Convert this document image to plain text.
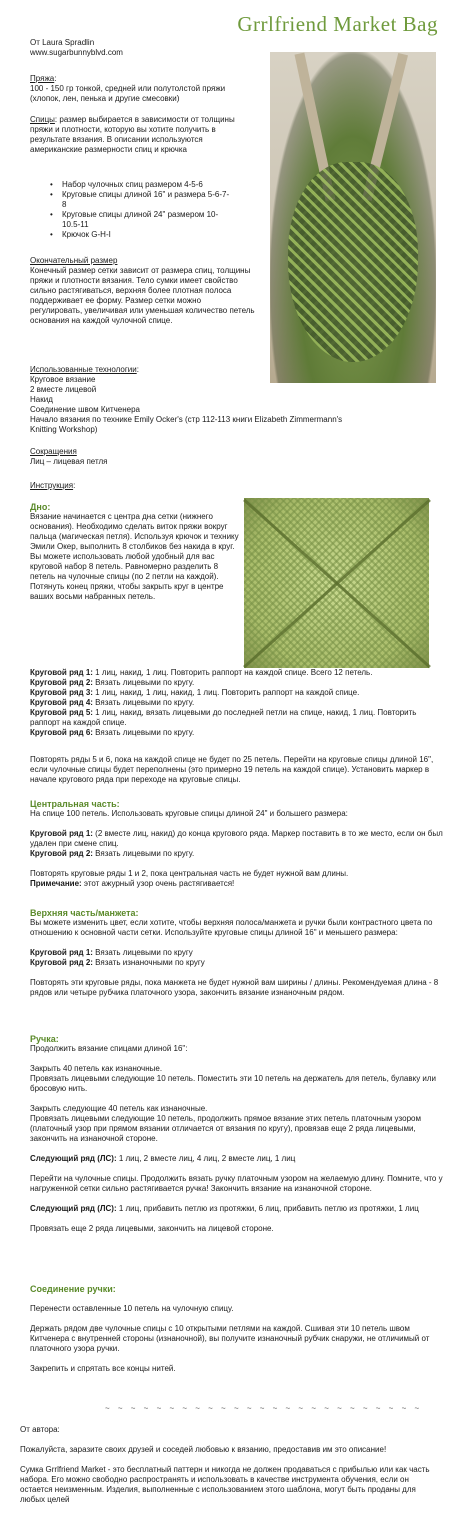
Grrlfriend Market Bag

От Laura Spradlin

www.sugarbunnyblvd.com

Пряжа:

100 - 150 гр тонкой, средней или полутолстой пряжи (хлопок, лен, пенька и другие смесовки)

Спицы: размер выбирается в зависимости от толщины пряжи и плотности, которую вы хотите получить в результате вязания. В описании используются американские размерности спиц и крючка

• Набор чулочных спиц размером 4-5-6
• Круговые спицы длиной 16" и размера 5-6-7-8
• Круговые спицы длиной 24" размером 10-10.5-11
• Крючок G-H-I

Окончательный размер

Конечный размер сетки зависит от размера спиц, толщины пряжи и плотности вязания. Тело сумки имеет свойство сильно растягиваться, верхняя более плотная полоса поддерживает ее форму. Размер сетки можно регулировать, увеличивая или уменьшая количество петель основания на каждой чулочной спице.

Использованные технологии:

Круговое вязание

2 вместе лицевой

Накид

Соединение швом Китченера

Начало вязания по технике Emily Ocker's (стр 112-113 книги Elizabeth Zimmermann's Knitting Workshop)

Сокращения

Лиц – лицевая петля

Инструкция:

Дно:

Вязание начинается с центра дна сетки (нижнего основания). Необходимо сделать виток пряжи вокруг пальца (магическая петля). Используя крючок и технику Эмили Окер, выполнить 8 столбиков без накида в круг.

Вы можете использовать любой удобный для вас круговой набор 8 петель. Равномерно разделить 8 петель на чулочные спицы (по 2 петли на каждой). Потянуть конец пряжи, чтобы закрыть круг в центре ваших восьми набранных петель.

Круговой ряд 1: 1 лиц, накид, 1 лиц. Повторить раппорт на каждой спице. Всего 12 петель.

Круговой ряд 2: Вязать лицевыми по кругу.

Круговой ряд 3: 1 лиц, накид, 1 лиц, накид, 1 лиц. Повторить раппорт на каждой спице.

Круговой ряд 4: Вязать лицевыми по кругу.

Круговой ряд 5: 1 лиц, накид, вязать лицевыми до последней петли на спице, накид, 1 лиц. Повторить раппорт на каждой спице.

Круговой ряд 6: Вязать лицевыми по кругу.

Повторять ряды 5 и 6, пока на каждой спице не будет по 25 петель. Перейти на круговые спицы длиной 16", если чулочные спицы будет переполнены (это примерно 19 петель на каждой спице). Установить маркер в начале кругового ряда при переходе на круговые спицы.

Центральная часть:

На спице 100 петель. Использовать круговые спицы длиной 24" и большего размера:

Круговой ряд 1: (2 вместе лиц, накид) до конца кругового ряда. Маркер поставить в то же место, если он был удален при смене спиц.

Круговой ряд 2: Вязать лицевыми по кругу.

Повторять круговые ряды 1 и 2, пока центральная часть не будет нужной вам длины.

Примечание: этот ажурный узор очень растягивается!

Верхняя часть/манжета:

Вы можете изменить цвет, если хотите, чтобы верхняя полоса/манжета и ручки были контрастного цвета по отношению к основной части сетки. Используйте круговые спицы длиной 16" и меньшего размера:

Круговой ряд 1: Вязать лицевыми по кругу

Круговой ряд 2: Вязать изнаночными по кругу

Повторять эти круговые ряды, пока манжета не будет нужной вам ширины / длины. Рекомендуемая длина - 8 рядов или четыре рубчика платочного узора, закончить вязание изнаночным рядом.

Ручка:

Продолжить вязание спицами длиной 16":

Закрыть 40 петель как изнаночные.

Провязать лицевыми следующие 10 петель. Поместить эти 10 петель на держатель для петель, булавку или бросовую нить.

Закрыть следующие 40 петель как изнаночные.

Провязать лицевыми следующие 10 петель, продолжить прямое вязание этих петель платочным узором (платочный узор при прямом вязании отличается от вязания по кругу), провязав еще 2 ряда лицевыми, закончить на изнаночной стороне.

Следующий ряд (ЛС): 1 лиц, 2 вместе лиц, 4 лиц, 2 вместе лиц, 1 лиц

Перейти на чулочные спицы. Продолжить вязать ручку платочным узором на желаемую длину. Помните, что у нагруженной сетки сильно растягивается ручка! Закончить вязание на изнаночной стороне.

Следующий ряд (ЛС): 1 лиц, прибавить петлю из протяжки, 6 лиц, прибавить петлю из протяжки, 1 лиц

Провязать еще 2 ряда лицевыми, закончить на лицевой стороне.

Соединение ручки:

Перенести оставленные 10 петель на чулочную спицу.

Держать рядом две чулочные спицы с 10 открытыми петлями на каждой. Сшивая эти 10 петель швом Китченера с внутренней стороны (изнаночной), вы получите изнаночный рубчик снаружи, не отличимый от платочного узора ручки.

Закрепить и спрятать все концы нитей.

~ ~ ~ ~ ~ ~ ~ ~ ~ ~ ~ ~ ~ ~ ~ ~ ~ ~ ~ ~ ~ ~ ~ ~ ~

От автора:

Пожалуйста, заразите своих друзей и соседей любовью к вязанию, предоставив им это описание!

Сумка Grrlfriend Market - это бесплатный паттерн и никогда не должен продаваться с прибылью или как часть набора. Его можно свободно распространять и использовать в качестве инструмента обучения, если он остается неизменным. Изделия, выполненные с использованием этого шаблона, могут быть проданы для любых целей
